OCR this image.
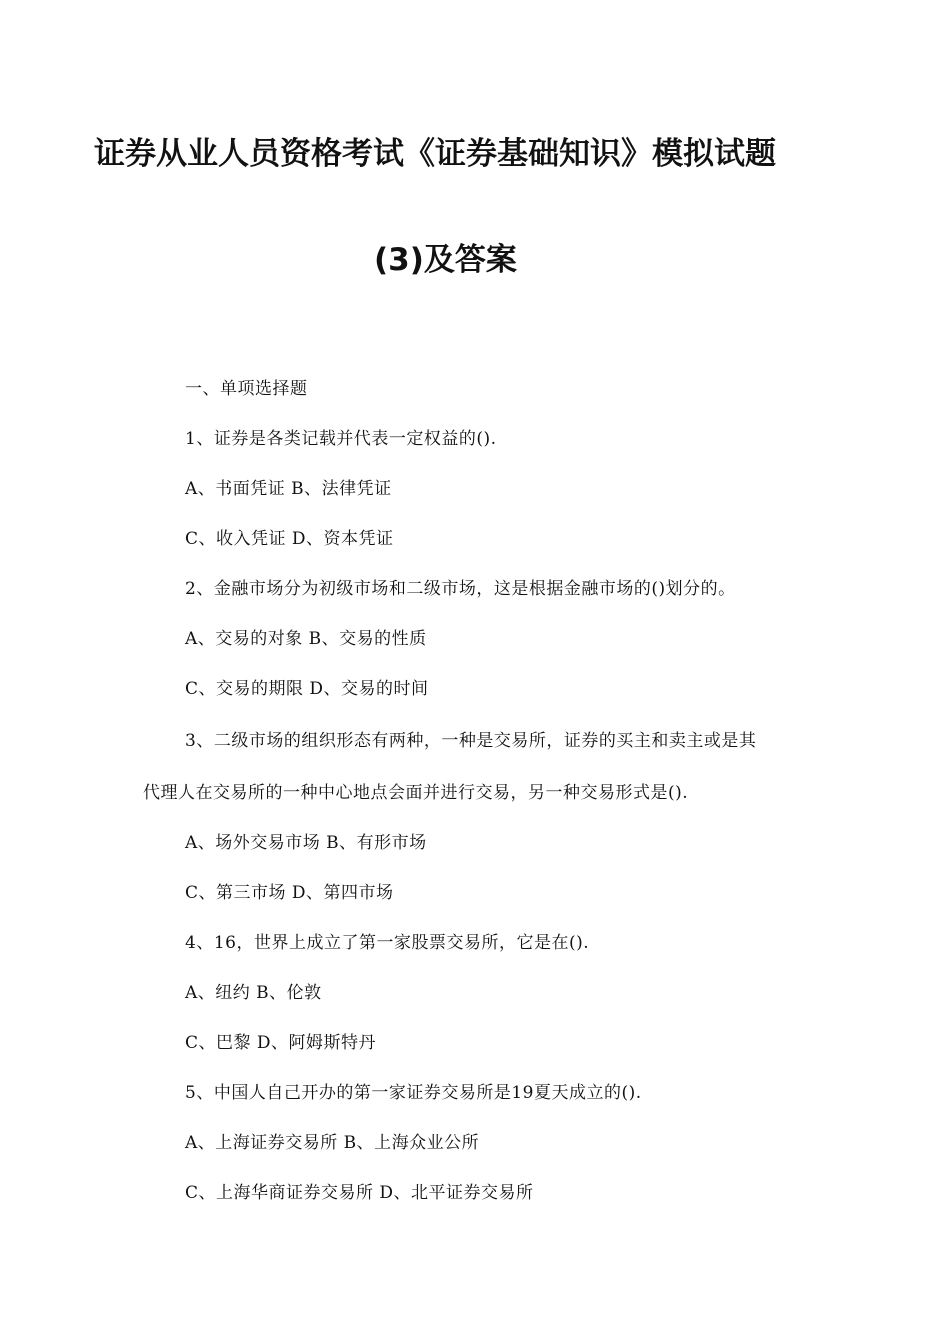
证券从业人员资格考试《证券基础知识》模拟试题
(3)及答案
一、单项选择题
1、证券是各类记载并代表一定权益的().
A、书面凭证 B、法律凭证
C、收入凭证 D、资本凭证
2、金融市场分为初级市场和二级市场，这是根据金融市场的()划分的。
A、交易的对象 B、交易的性质
C、交易的期限 D、交易的时间
3、二级市场的组织形态有两种，一种是交易所，证券的买主和卖主或是其
代理人在交易所的一种中心地点会面并进行交易，另一种交易形式是().
A、场外交易市场 B、有形市场
C、第三市场 D、第四市场
4、16，世界上成立了第一家股票交易所，它是在().
A、纽约 B、伦敦
C、巴黎 D、阿姆斯特丹
5、中国人自己开办的第一家证券交易所是19夏天成立的().
A、上海证券交易所 B、上海众业公所
C、上海华商证券交易所 D、北平证券交易所
